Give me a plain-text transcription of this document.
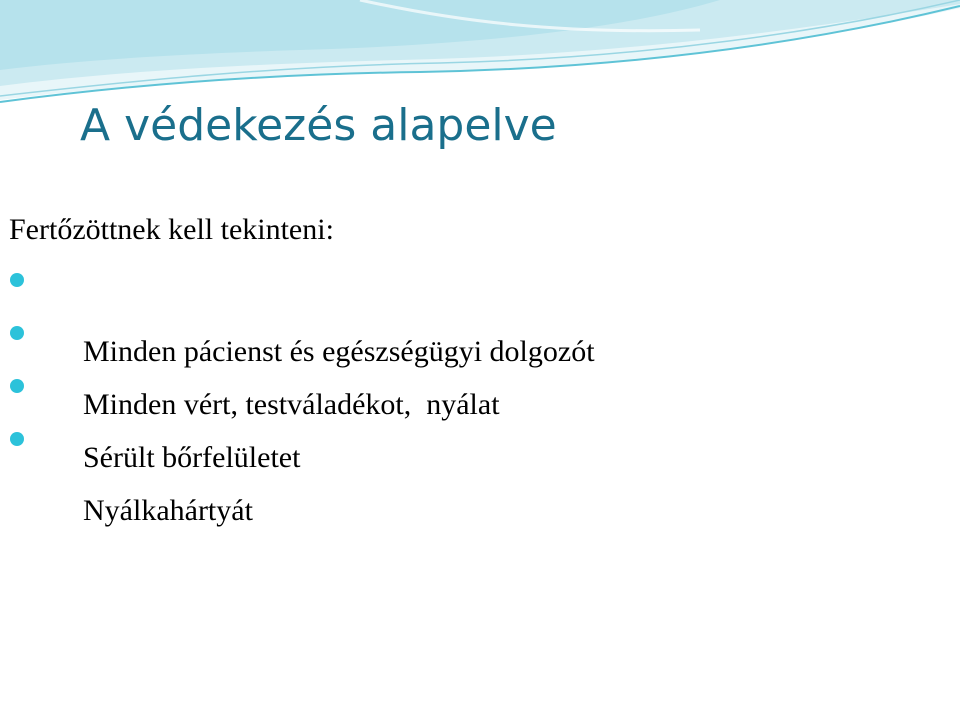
A védekezés alapelve

Fertőzöttnek kell tekinteni:

Minden pácienst és egészségügyi dolgozót

Minden vért, testváladékot,  nyálat

Sérült bőrfelületet

Nyálkahártyát
